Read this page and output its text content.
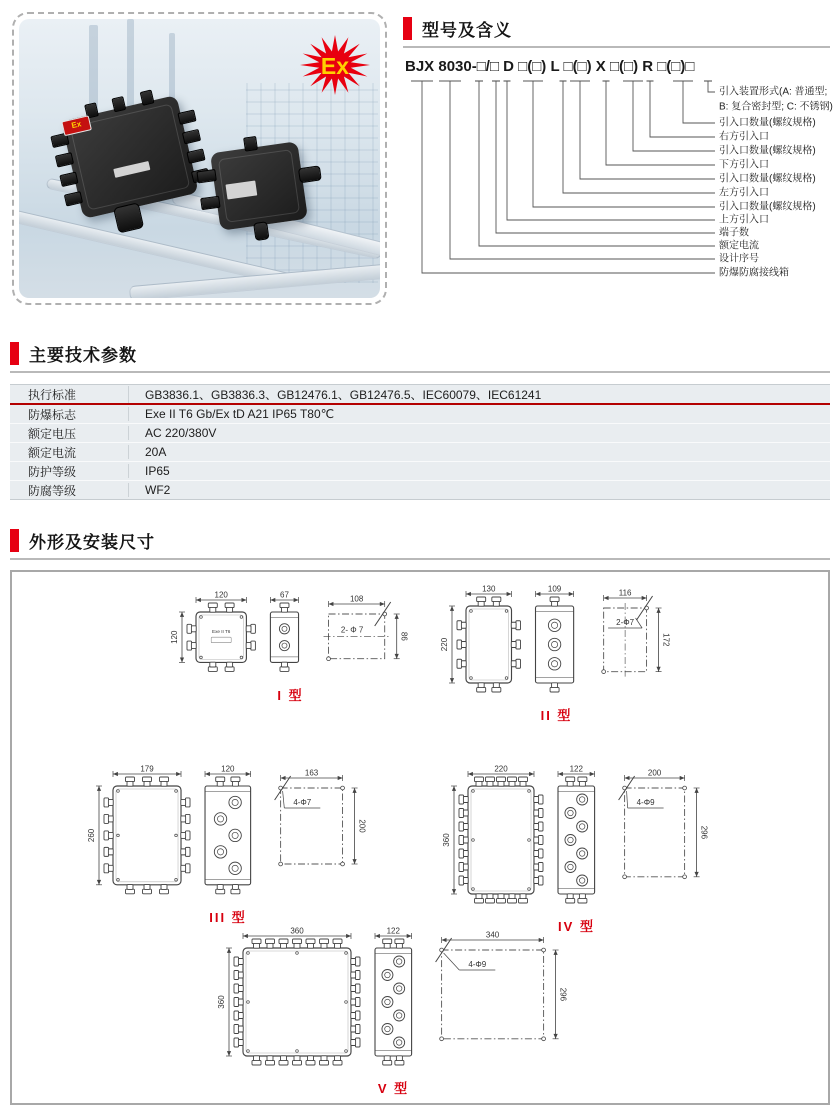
Ex
Ex
型号及含义
BJX 8030-□/□ D □(□) L □(□) X □(□) R □(□)□
引入装置形式(A: 普通型;
B: 复合密封型; C: 不锈钢)
引入口数量(螺纹规格)
右方引入口
引入口数量(螺纹规格)
下方引入口
引入口数量(螺纹规格)
左方引入口
引入口数量(螺纹规格)
上方引入口
端子数
额定电流
设计序号
防爆防腐接线箱
主要技术参数
执行标准	GB3836.1、GB3836.3、GB12476.1、GB12476.5、IEC60079、IEC61241
防爆标志	Exe II T6 Gb/Ex tD A21 IP65 T80℃
额定电压	AC 220/380V
额定电流	20A
防护等级	IP65
防腐等级	WF2
外形及安装尺寸
120
120	Exe II T6
67
2- Φ 7
108
86
I 型
130
220
109
2-Φ7
116
172
II 型
179
260
120
4-Φ7
163
200
III 型
220
360
122
4-Φ9
200
296
IV 型
360
360
122
4-Φ9
340
296
V 型
